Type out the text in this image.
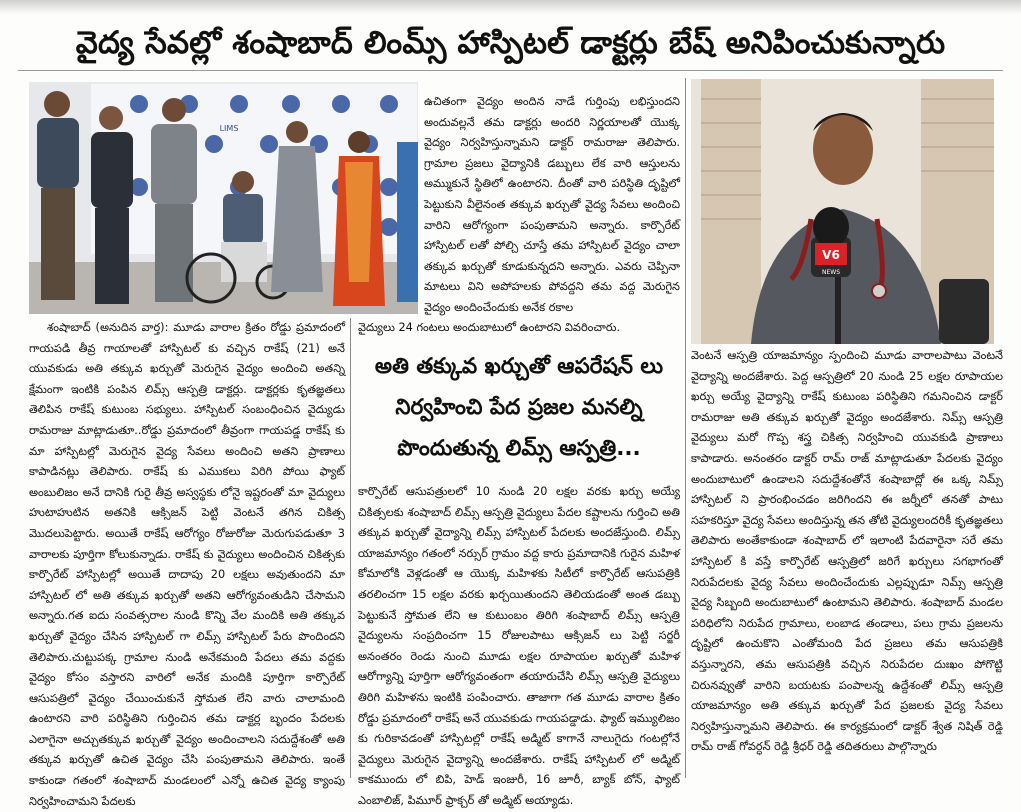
వైద్య సేవల్లో శంషాబాద్ లింమ్స్ హాస్పిటల్ డాక్టర్లు బేష్ అనిపించుకున్నారు
LIMS

ఉచితంగా వైద్యం అందిన నాడే గుర్తింపు లభిస్తుందని అందువల్లనే తమ డాక్టర్లు అందరి నిర్ణయాలతో యొక్క వైద్యం నిర్వహిస్తున్నామని డాక్టర్ రామరాజు తెలిపారు. గ్రామాల ప్రజలు వైద్యానికి డబ్బులు లేక వారి ఆస్తులను అమ్ముకునే స్థితిలో ఉంటారని. దీంతో వారి పరిస్థితి దృష్టిలో పెట్టుకుని వీలైనంత తక్కువ ఖర్చుతో వైద్య సేవలు అందించి వారిని ఆరోగ్యంగా పంపుతామని అన్నారు. కార్పొరేట్ హాస్పిటల్ లతో పోల్చి చూస్తే తమ హాస్పిటల్ వైద్యం చాలా తక్కువ ఖర్చుతో కూడుకున్నదని అన్నారు. ఎవరు చెప్పినా మాటలు విని అపోహలకు పోవద్దని తమ వద్ద మెరుగైన వైద్యం అందించేందుకు అనేక రకాల

V6
NEWS

శంషాబాద్ (అనుదిన వార్త): మూడు వారాల క్రితం రోడ్డు ప్రమాదంలో గాయపడి తీవ్ర గాయాలతో హాస్పిటల్ కు వచ్చిన రాకేష్ (21) అనే యువకుడు అతి తక్కువ ఖర్చుతో మెరుగైన వైద్యం అందించి అతన్ని క్షేమంగా ఇంటికి పంపిన లిమ్స్ ఆస్పత్రి డాక్టర్లు. డాక్టర్లకు కృతజ్ఞతలు తెలిపిన రాకేష్ కుటుంబ సభ్యులు. హాస్పిటల్ సంబంధించిన వైద్యుడు రామరాజు మాట్లాడుతూ..రోడ్డు ప్రమాదంలో తీవ్రంగా గాయపడ్డ రాకేష్ కు మా హాస్పిటల్లో మెరుగైన వైద్య సేవలు అందించి అతని ప్రాణాలు కాపాడినట్లు తెలిపారు. రాకేష్ కు ఎముకలు విరిగి పోయి ఫ్యాట్ అంబులిజం అనే దానికి గురై తీవ్ర అస్వస్థకు లోనై ఇష్టరంతో మా వైద్యులు హుటాహుటిన అతనికి ఆక్సిజన్ పెట్టి వెంటనే తగిన చికిత్స మొదలుపెట్టారు. అయితే రాకేష్ ఆరోగ్యం రోజురోజు మెరుగుపడుతూ 3 వారాలకు పూర్తిగా కోలుకున్నాడు. రాకేష్ కు వైద్యులు అందించిన చికిత్సకు కార్పొరేట్ హాస్పిటల్లో అయితే దాదాపు 20 లక్షలు అవుతుందని మా హాస్పిటల్ లో అతి తక్కువ ఖర్చుతో అతని ఆరోగ్యవంతుడిని చేసామని అన్నారు.గత ఐదు సంవత్సరాల నుండి కొన్ని వేల మందికి అతి తక్కువ ఖర్చుతో వైద్యం చేసిన హాస్పిటల్ గా లిమ్స్ హాస్పిటల్ పేరు పొందిందని తెలిపారు.చుట్టుపక్క గ్రామాల నుండి అనేకమంది పేదలు తమ వద్దకు వైద్యం కోసం వస్తారని వారిలో అనేక మందికి పూర్తిగా కార్పొరేట్ ఆసుపత్రిలో వైద్యం చేయించుకునే స్తోమత లేని వారు చాలామంది ఉంటారని వారి పరిస్థితిని గుర్తించిన తమ డాక్టర్ల బృందం పేదలకు ఎలాగైనా అచ్చుతక్కువ ఖర్చుతో వైద్యం అందించాలని సదుద్దేశంతో అతి తక్కువ ఖర్చుతో ఉచిత వైద్యం చేసి పంపుతామని తెలిపారు. ఇంతే కాకుండా గతంలో శంషాబాద్ మండలంలో ఎన్నో ఉచిత వైద్య క్యాంపు నిర్వహించామని పేదలకు

వైద్యులు 24 గంటలు అందుబాటులో ఉంటారని వివరించారు.

అతి తక్కువ ఖర్చుతో ఆపరేషన్ లు
నిర్వహించి పేద ప్రజల మనల్ని
పొందుతున్న లిమ్స్ ఆస్పత్రి...

కార్పొరేట్ ఆసుపత్రులలో 10 నుండి 20 లక్షల వరకు ఖర్చు అయ్యే చికిత్సలకు శంషాబాద్ లిమ్స్ ఆస్పత్రి వైద్యులు పేదల కష్టాలను గుర్తించి అతి తక్కువ ఖర్చుతో వైద్యాన్ని లిమ్స్ హాస్పిటల్ పేదలకు అందజేస్తుంది. లిమ్స్ యాజమాన్యం గతంలో నర్సుర్ గ్రామం వద్ద కారు ప్రమాదానికి గురైన మహిళ కోమాలోకి వెళ్లడంతో ఆ యొక్క మహిళకు సిటీలో కార్పొరేట్ ఆసుపత్రికి తరలించగా 15 లక్షల వరకు ఖర్చయితుందని తెలియడంతో అంత డబ్బు పెట్టుకునే స్తోమత లేని ఆ కుటుంబం తిరిగి శంషాబాద్ లిమ్స్ ఆస్పత్రి వైద్యులను సంప్రదించగా 15 రోజులపాటు ఆక్సిజన్ లు పెట్టి సర్జరీ అనంతరం రెండు నుంచి మూడు లక్షల రూపాయల ఖర్చుతో మహిళ ఆరోగ్యాన్ని పూర్తిగా ఆరోగ్యవంతంగా తయారుచేసి లిమ్స్ ఆస్పత్రి వైద్యులు తిరిగి మహిళను ఇంటికి పంపించారు. తాజాగా గత మూడు వారాల క్రితం రోడ్డు ప్రమాదంలో రాకేష్ అనే యువకుడు గాయపడ్డాడు. ఫ్యాట్ ఇమ్యులిజం కు గురికావడంతో హాస్పిటల్లో రాకేష్ అడ్మిట్ కాగానే నాలుగైదు గంటల్లోనే వైద్యులు మెరుగైన వైద్యాన్ని అందజేశారు. రాకేష్ హాస్పిటల్ లో అడ్మిట్ కాకముందు లో బిపి, హెడ్ ఇంజురీ, 16 జూరీ, బ్యాక్ బోన్, ఫ్యాట్ ఎంబాలిజ్, పిమూర్ ఫ్రాక్చర్ తో అడ్మిట్ అయ్యాడు.

వెంటనే ఆస్పత్రి యాజమాన్యం స్పందించి మూడు వారాలపాటు వెంటనే వైద్యాన్ని అందజేశారు. పెద్ద ఆస్పత్రిలో 20 నుండి 25 లక్షల రూపాయల ఖర్చు అయ్యే వైద్యాన్ని రాకేష్ కుటుంబ పరిస్థితిని గమనించిన డాక్టర్ రామరాజు అతి తక్కువ ఖర్చుతో వైద్యం అందజేశారు. నిమ్స్ ఆస్పత్రి వైద్యులు మరో గొప్ప శస్త్ర చికిత్స నిర్వహించి యువకుడి ప్రాణాలు కాపాడారు. అనంతరం డాక్టర్ రామ్ రాజ్ మాట్లాడుతూ పేదలకు వైద్యం అందుబాటులో ఉండాలని సదుద్దేశంతోనే శంషాబాద్లో ఈ ఒక్క నిమ్స్ హాస్పిటల్ ని ప్రారంభించడం జరిగిందని ఈ జర్నీలో తనతో పాటు సహకరిస్తూ వైద్య సేవలు అందిస్తున్న తన తోటి వైద్యులందరికీ కృతజ్ఞతలు తెలిపారు అంతేకాకుండా శంషాబాద్ లో ఇలాంటి పేదవారైనా సరే తమ హాస్పిటల్ కి వస్తే కార్పొరేట్ ఆస్పత్రిలో జరిగే ఖర్చులు సగభాగంతో నిరుపేదలకు వైద్య సేవలు అందించేందుకు ఎల్లప్పుడూ నిమ్స్ ఆస్పత్రి వైద్య సిబ్బంది అందుబాటులో ఉంటామని తెలిపారు. శంషాబాద్ మండల పరిధిలోని నిరుపేద గ్రామాలు, లంబాడ తండాలు, పలు గ్రామ ప్రజలను దృష్టిలో ఉంచుకొని ఎంతోమంది పేద ప్రజలు తమ ఆసుపత్రికి వస్తున్నారని, తమ ఆసుపత్రికి వచ్చిన నిరుపేదల దుఃఖం పోగొట్టి చిరునవ్వుతో వారిని బయటకు పంపాలన్న ఉద్దేశంతో లిమ్స్ ఆస్పత్రి యాజమాన్యం అతి తక్కువ ఖర్చుతో పేద ప్రజలకు వైద్య సేవలు నిర్వహిస్తున్నామని తెలిపారు. ఈ కార్యక్రమంలో డాక్టర్ శ్వేత నిషిత్ రెడ్డి రామ్ రాజ్ గోవర్ధన్ రెడ్డి శ్రీధర్ రెడ్డి తదితరులు పాల్గొన్నారు
